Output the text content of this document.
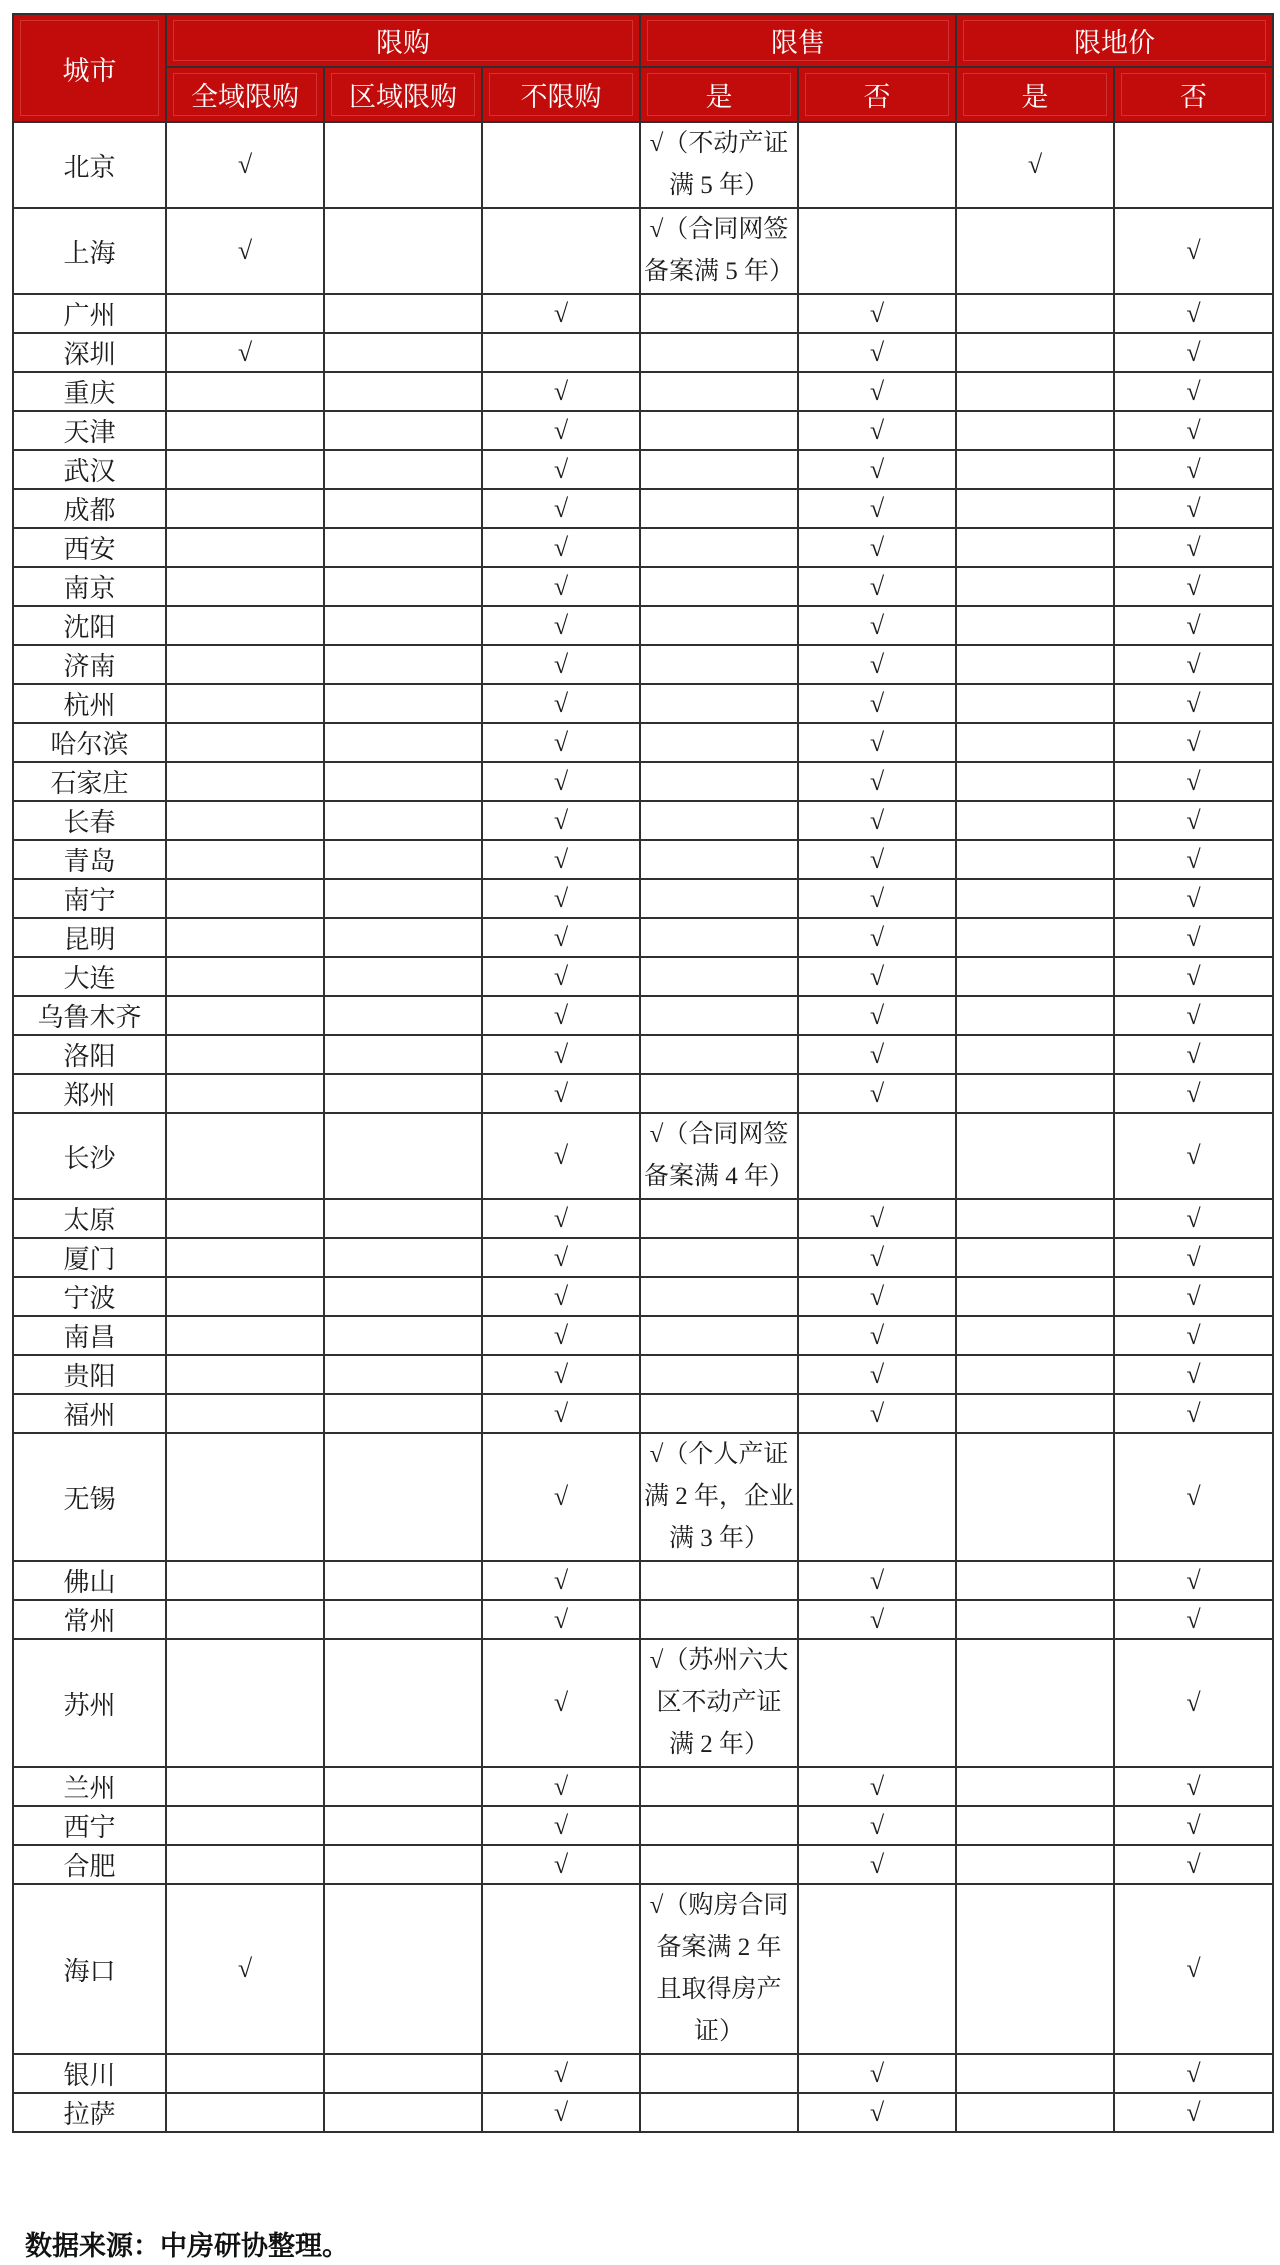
城市	限购			限售		限地价	
	全域限购	区域限购	不限购	是	否	是	否
北京	√			√（不动产证
满 5 年）		√	
上海	√			√（合同网签
备案满 5 年）			√
广州			√		√		√
深圳	√				√		√
重庆			√		√		√
天津			√		√		√
武汉			√		√		√
成都			√		√		√
西安			√		√		√
南京			√		√		√
沈阳			√		√		√
济南			√		√		√
杭州			√		√		√
哈尔滨			√		√		√
石家庄			√		√		√
长春			√		√		√
青岛			√		√		√
南宁			√		√		√
昆明			√		√		√
大连			√		√		√
乌鲁木齐			√		√		√
洛阳			√		√		√
郑州			√		√		√
长沙			√	√（合同网签
备案满 4 年）			√
太原			√		√		√
厦门			√		√		√
宁波			√		√		√
南昌			√		√		√
贵阳			√		√		√
福州			√		√		√
无锡			√	√（个人产证
满 2 年，企业
满 3 年）			√
佛山			√		√		√
常州			√		√		√
苏州			√	√（苏州六大
区不动产证
满 2 年）			√
兰州			√		√		√
西宁			√		√		√
合肥			√		√		√
海口	√			√（购房合同
备案满 2 年
且取得房产
证）			√
银川			√		√		√
拉萨			√		√		√
数据来源：中房研协整理。
